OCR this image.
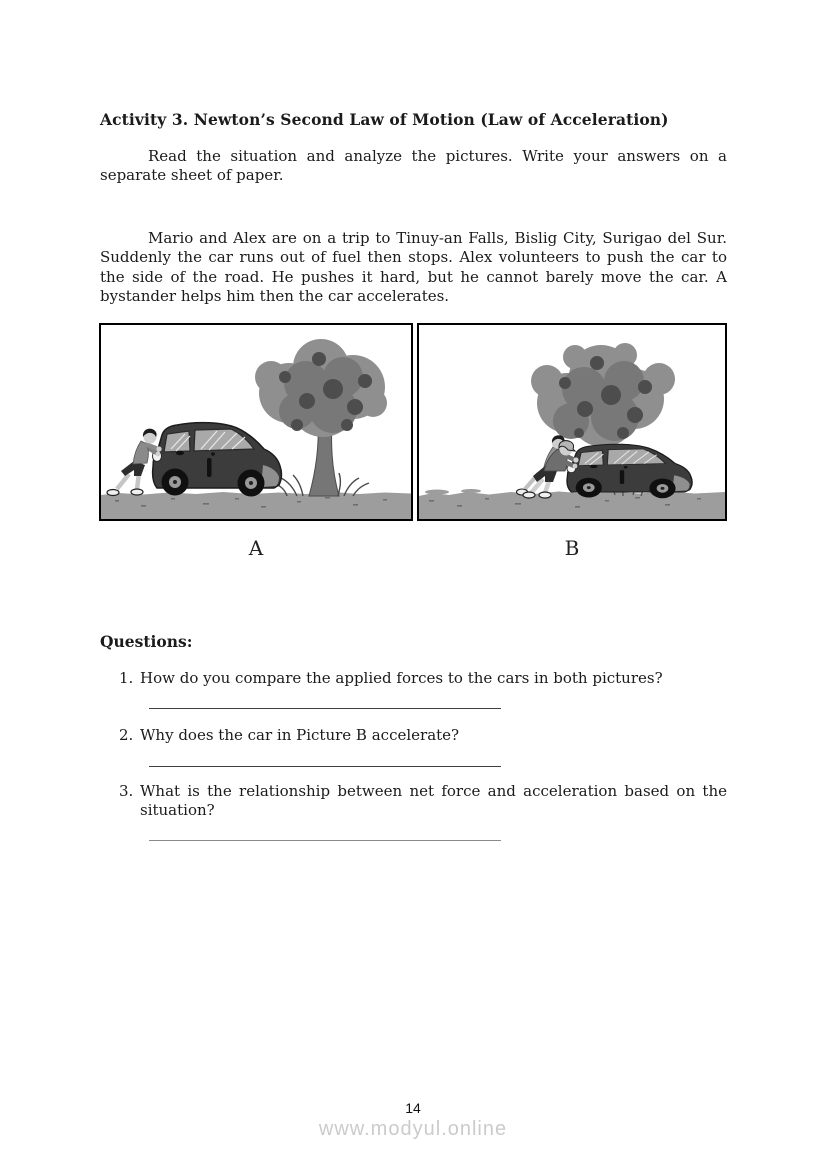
Activity 3. Newton’s Second Law of Motion (Law of Acceleration)
Read the situation and analyze the pictures. Write your answers on a
separate sheet of paper.
Mario and Alex are on a trip to Tinuy-an Falls, Bislig City, Surigao del Sur.
Suddenly the car runs out of fuel then stops. Alex volunteers to push the car to
the side of the road. He pushes it hard, but he cannot barely move the car. A
bystander helps him then the car accelerates.
A	B
Questions:
1. How do you compare the applied forces to the cars in both pictures?
2. Why does the car in Picture B accelerate?
3. What is the relationship between net force and acceleration based on the
situation?
14
www.modyul.online
